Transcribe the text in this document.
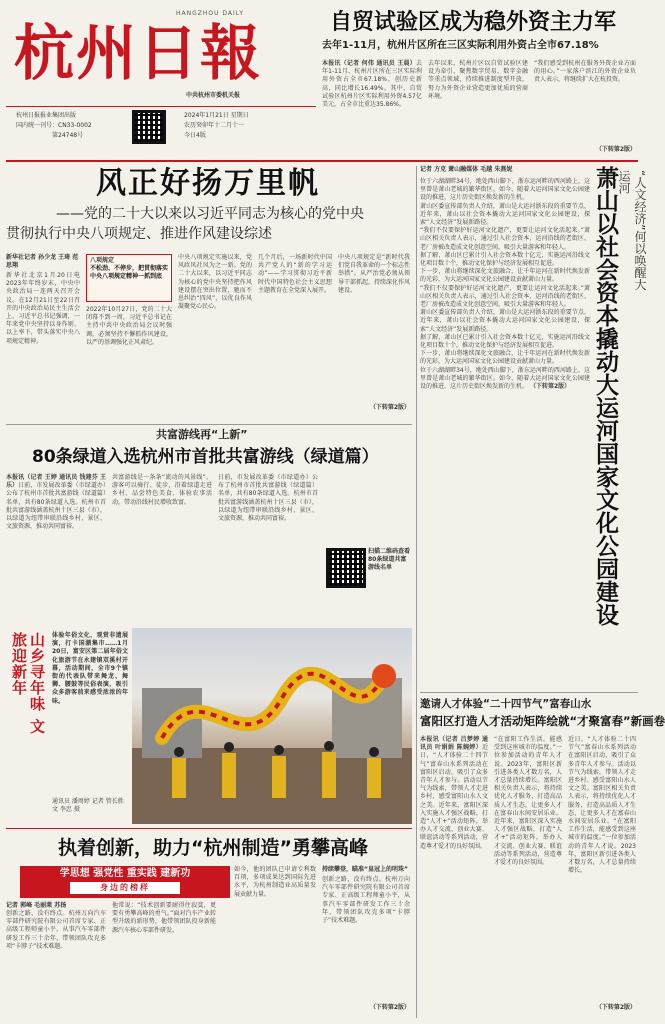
HANGZHOU DAILY
杭州日報
中共杭州市委机关报
杭州日报报业集团出版
国内统一刊号：CN33-0002
第24748号
2024年1月21日 星期日
农历癸卯年十二月十一
今日4版
自贸试验区成为稳外资主力军
去年1-11月，杭州片区所在三区实际利用外资占全市67.18%
本报讯（记者 何伟 通讯员 王晨）去年1-11月，杭州片区所在三区实际利用外资占全市67.18%，创历史新高，同比增长16.49%。其中，自贸试验区杭州片区实际利用外资4.57亿美元，占全市比重达35.86%。
去年以来，杭州片区以自贸试验区建设为牵引，聚焦数字贸易、数字金融等重点领域，持续推进制度型开放，努力为外资企业营造更加优质的营商环境。
“我们感受到杭州在服务外资企业方面的用心。”一家落户滨江的外资企业负责人表示，将继续扩大在杭投资。
（下转第2版）
风正好扬万里帆
——党的二十大以来以习近平同志为核心的党中央
贯彻执行中央八项规定、推进作风建设综述
新华社记者 孙少龙 王琦 范思翔
新华社北京1月20日电 2023年年终岁末，中央中央政治局一连两天召开会议。在12月21日至22日召开的中央政治局民主生活会上，习近平总书记强调，一年来党中央坚持以身作则、以上率下，带头落实中央八项规定精神。
八项规定
不松劲、不停步，把贯彻落实中央八项规定精神一抓到底
2022年10月27日，党的二十大闭幕不到一周，习近平总书记在主持中共中央政治局会议时强调，必须坚持不懈抓作风建设，以严的基调强化正风肃纪。
中央八项规定实施以来，党风政风社风为之一新。党的二十大以来，以习近平同志为核心的党中央坚持把作风建设摆在突出位置，驰而不息纠治“四风”，以优良作风凝聚党心民心。
几个月后，一场新时代中国共产党人的“新的学习运动”——学习贯彻习近平新时代中国特色社会主义思想主题教育在全党深入展开。
中央八项规定是“新时代我们党自我革命的一个标志性举措”。从严治党必须从领导干部抓起，持续深化作风建设。
（下转第2版）
共富游线再“上新”
80条绿道入选杭州市首批共富游线（绿道篇）
本报讯（记者 王婷 通讯员 钱建芬 王乐）日前，市发展改革委（市绿道办）公布了杭州市首批共富游线（绿道篇）名单，共有80条绿道入选。杭州市首批共富游线涵盖杭州十区三县（市），以绿道为纽带串联沿线乡村、景区、文旅资源，推动共同富裕。
共富游线是一条条“流动的风景线”。游客可以骑行、徒步，沿着绿道走进乡村、品尝特色美食、体验农事活动，带动沿线村民增收致富。
日前，市发展改革委（市绿道办）公布了杭州市首批共富游线（绿道篇）名单，共有80条绿道入选。杭州市首批共富游线涵盖杭州十区三县（市），以绿道为纽带串联沿线乡村、景区、文旅资源，推动共同富裕。
扫描二维码查看80条绿道共富游线名单
山乡寻年味 文旅迎新年	体验年俗文化，观赏非遗展演，打卡国潮集市……1月20日，富安区第二届年俗文化旅游节在永建镇双溪村开幕，活动期间，全市9个镇街的代表队带来舞龙、舞狮、腰鼓等民俗表演，吸引众多游客前来感受浓浓的年味。
通讯员 潘周婷 记者 管长胜 文 李忠 摄
执着创新，助力“杭州制造”勇攀高峰
学思想 强党性 重实践 建新功
身边的榜样
记者 郭峰 毛丽莱 苏扬
创新之路，没有终点。杭州万向汽车零部件研究院有限公司首席专家、正高级工程师童小平，从事汽车零部件研发工作三十余年，带领团队攻克多项“卡脖子”技术难题。
他常说：“技术创新要耐得住寂寞，更要有勇攀高峰的勇气。”面对汽车产业转型升级的新形势，他带领团队投身新能源汽车核心零部件研发。
如今，他的团队已申请专利数百项，多项成果达到国际先进水平，为杭州制造业高质量发展贡献力量。
持续攀登，瞄准“皇冠上的明珠”
创新之路，没有终点。杭州万向汽车零部件研究院有限公司首席专家、正高级工程师童小平，从事汽车零部件研发工作三十余年，带领团队攻克多项“卡脖子”技术难题。
（下转第2版）
记者 方克 萧山融媒体 毛越 朱燕妮
位于六湖湖畔34号，地处西山脚下，浙东运河畔的西河路上，这里曾是萧山老城的繁华街区。如今，随着大运河国家文化公园建设的推进，这片历史街区焕发新的生机。
萧山区委宣传部负责人介绍，萧山是大运河浙东段的重要节点，近年来，萧山以社会资本撬动大运河国家文化公园建设，探索“人文经济”发展新路径。
“我们不仅要保护好运河文化遗产，更要让运河文化活起来。”萧山区相关负责人表示，通过引入社会资本，运河沿线的老街区、老厂房被改造成文化创意空间，吸引大量游客和年轻人。
据了解，萧山区已累计引入社会资本数十亿元，实施运河沿线文化项目数十个，推动文化保护与经济发展相互促进。
下一步，萧山将继续深化文旅融合，让千年运河在新时代焕发新的光彩，为大运河国家文化公园建设贡献萧山力量。
“我们不仅要保护好运河文化遗产，更要让运河文化活起来。”萧山区相关负责人表示，通过引入社会资本，运河沿线的老街区、老厂房被改造成文化创意空间，吸引大量游客和年轻人。
萧山区委宣传部负责人介绍，萧山是大运河浙东段的重要节点，近年来，萧山以社会资本撬动大运河国家文化公园建设，探索“人文经济”发展新路径。
据了解，萧山区已累计引入社会资本数十亿元，实施运河沿线文化项目数十个，推动文化保护与经济发展相互促进。
下一步，萧山将继续深化文旅融合，让千年运河在新时代焕发新的光彩，为大运河国家文化公园建设贡献萧山力量。
位于六湖湖畔34号，地处西山脚下，浙东运河畔的西河路上，这里曾是萧山老城的繁华街区。如今，随着大运河国家文化公园建设的推进，这片历史街区焕发新的生机。 （下转第2版）
“人文经济”何以唤醒大运河
萧山以社会资本撬动大运河国家文化公园建设
邀请人才体验“二十四节气”富春山水
富阳区打造人才活动矩阵绘就“才聚富春”新画卷
本报讯（记者 吕梦婷 通讯员 叶娟娟 陈婉婷）近日，“人才体验二十四节气”富春山水系列活动在富阳区启动，吸引了众多青年人才参与。活动以节气为线索，带领人才走进乡村、感受富阳山水人文之美。近年来，富阳区深入实施人才强区战略，打造“人才+”活动矩阵，举办人才交流、创业大赛、联谊活动等系列活动，营造尊才爱才的良好氛围。
“在富阳工作生活，能感受到这座城市的温度。”一位参加活动的青年人才说。2023年，富阳区新引进各类人才数万名，人才总量持续增长。富阳区相关负责人表示，将持续优化人才服务，打造高品质人才生态，让更多人才在富春山水间安居乐业。近年来，富阳区深入实施人才强区战略，打造“人才+”活动矩阵，举办人才交流、创业大赛、联谊活动等系列活动，营造尊才爱才的良好氛围。
近日，“人才体验二十四节气”富春山水系列活动在富阳区启动，吸引了众多青年人才参与。活动以节气为线索，带领人才走进乡村、感受富阳山水人文之美。富阳区相关负责人表示，将持续优化人才服务，打造高品质人才生态，让更多人才在富春山水间安居乐业。“在富阳工作生活，能感受到这座城市的温度。”一位参加活动的青年人才说。2023年，富阳区新引进各类人才数万名，人才总量持续增长。
（下转第2版）
